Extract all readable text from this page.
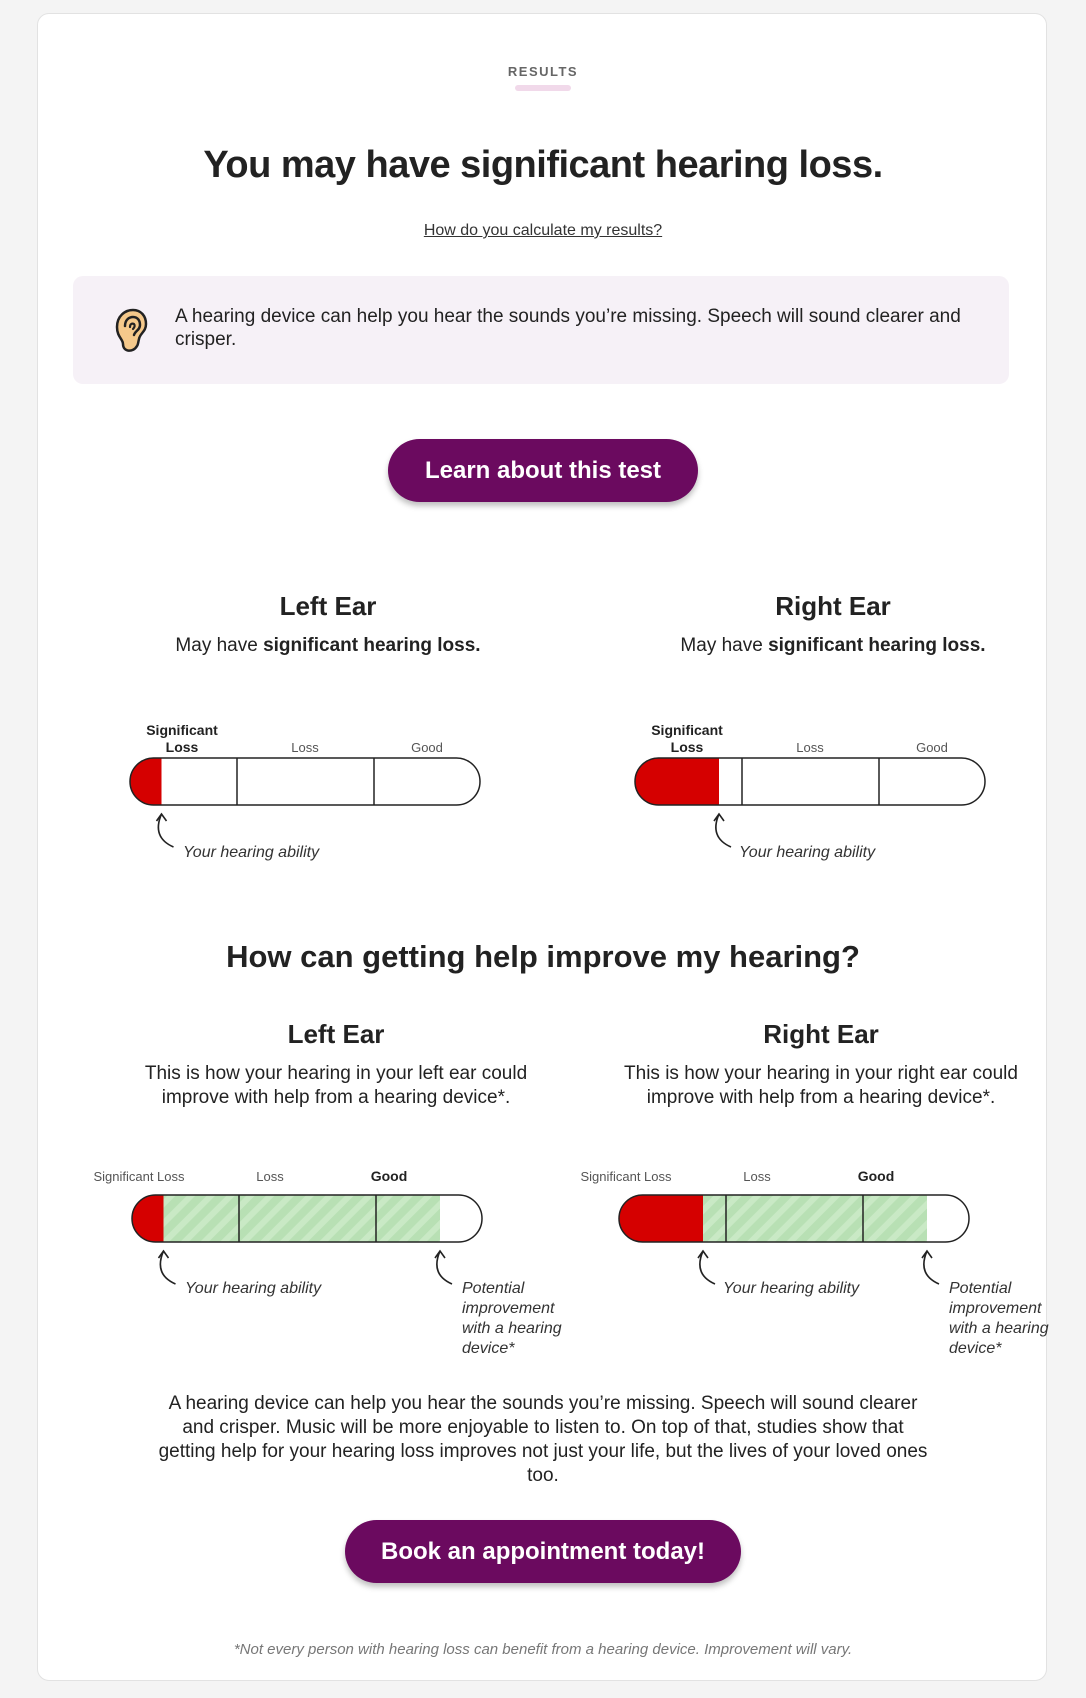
RESULTS
You may have significant hearing loss.
How do you calculate my results?

A hearing device can help you hear the sounds you’re missing. Speech will sound clearer and crisper.

Learn about this test
Left Ear
May have significant hearing loss.
Significant
Loss	Loss	Good
Your hearing ability
Right Ear
May have significant hearing loss.
Significant
Loss	Loss	Good
Your hearing ability
How can getting help improve my hearing?
Left Ear
This is how your hearing in your left ear could
improve with help from a hearing device*.
Right Ear
This is how your hearing in your right ear could
improve with help from a hearing device*.
Significant Loss	Loss	Good
Your hearing ability	Potential
improvement
with a hearing
device*
Significant Loss	Loss	Good
Your hearing ability	Potential
improvement
with a hearing
device*

A hearing device can help you hear the sounds you’re missing. Speech will sound clearer and crisper. Music will be more enjoyable to listen to. On top of that, studies show that getting help for your hearing loss improves not just your life, but the lives of your loved ones too.

Book an appointment today!

*Not every person with hearing loss can benefit from a hearing device. Improvement will vary.
